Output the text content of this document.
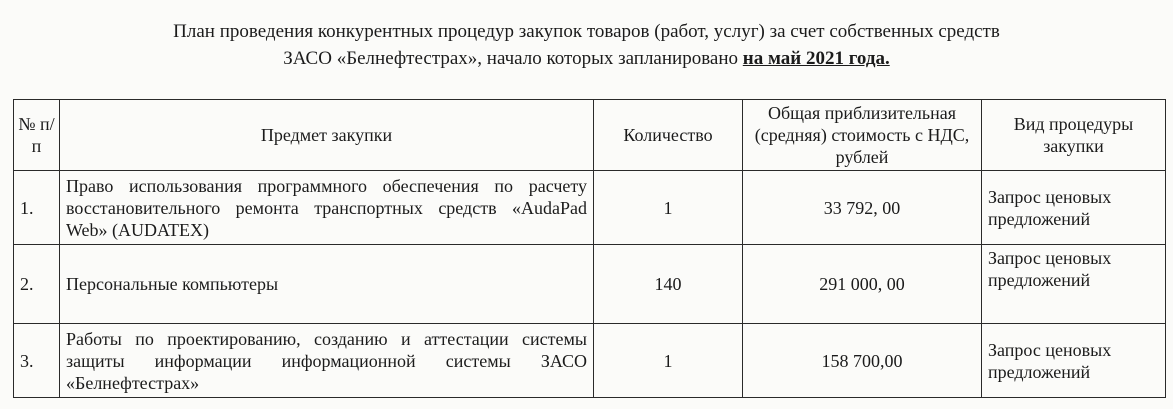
План проведения конкурентных процедур закупок товаров (работ, услуг) за счет собственных средств
ЗАСО «Белнефтестрах», начало которых запланировано на май 2021 года.
№ п/ п	Предмет закупки	Количество	Общая приблизительная (средняя) стоимость с НДС, рублей	Вид процедуры закупки
1.	Право использования программного обеспечения по расчету восстановительного ремонта транспортных средств «AudaPad Web» (AUDATEX)	1	33 792, 00	Запрос ценовых предложений
2.	Персональные компьютеры	140	291 000, 00	Запрос ценовых предложений
3.	Работы по проектированию, созданию и аттестации системы защиты информации информационной системы ЗАСО «Белнефтестрах»	1	158 700,00	Запрос ценовых предложений
